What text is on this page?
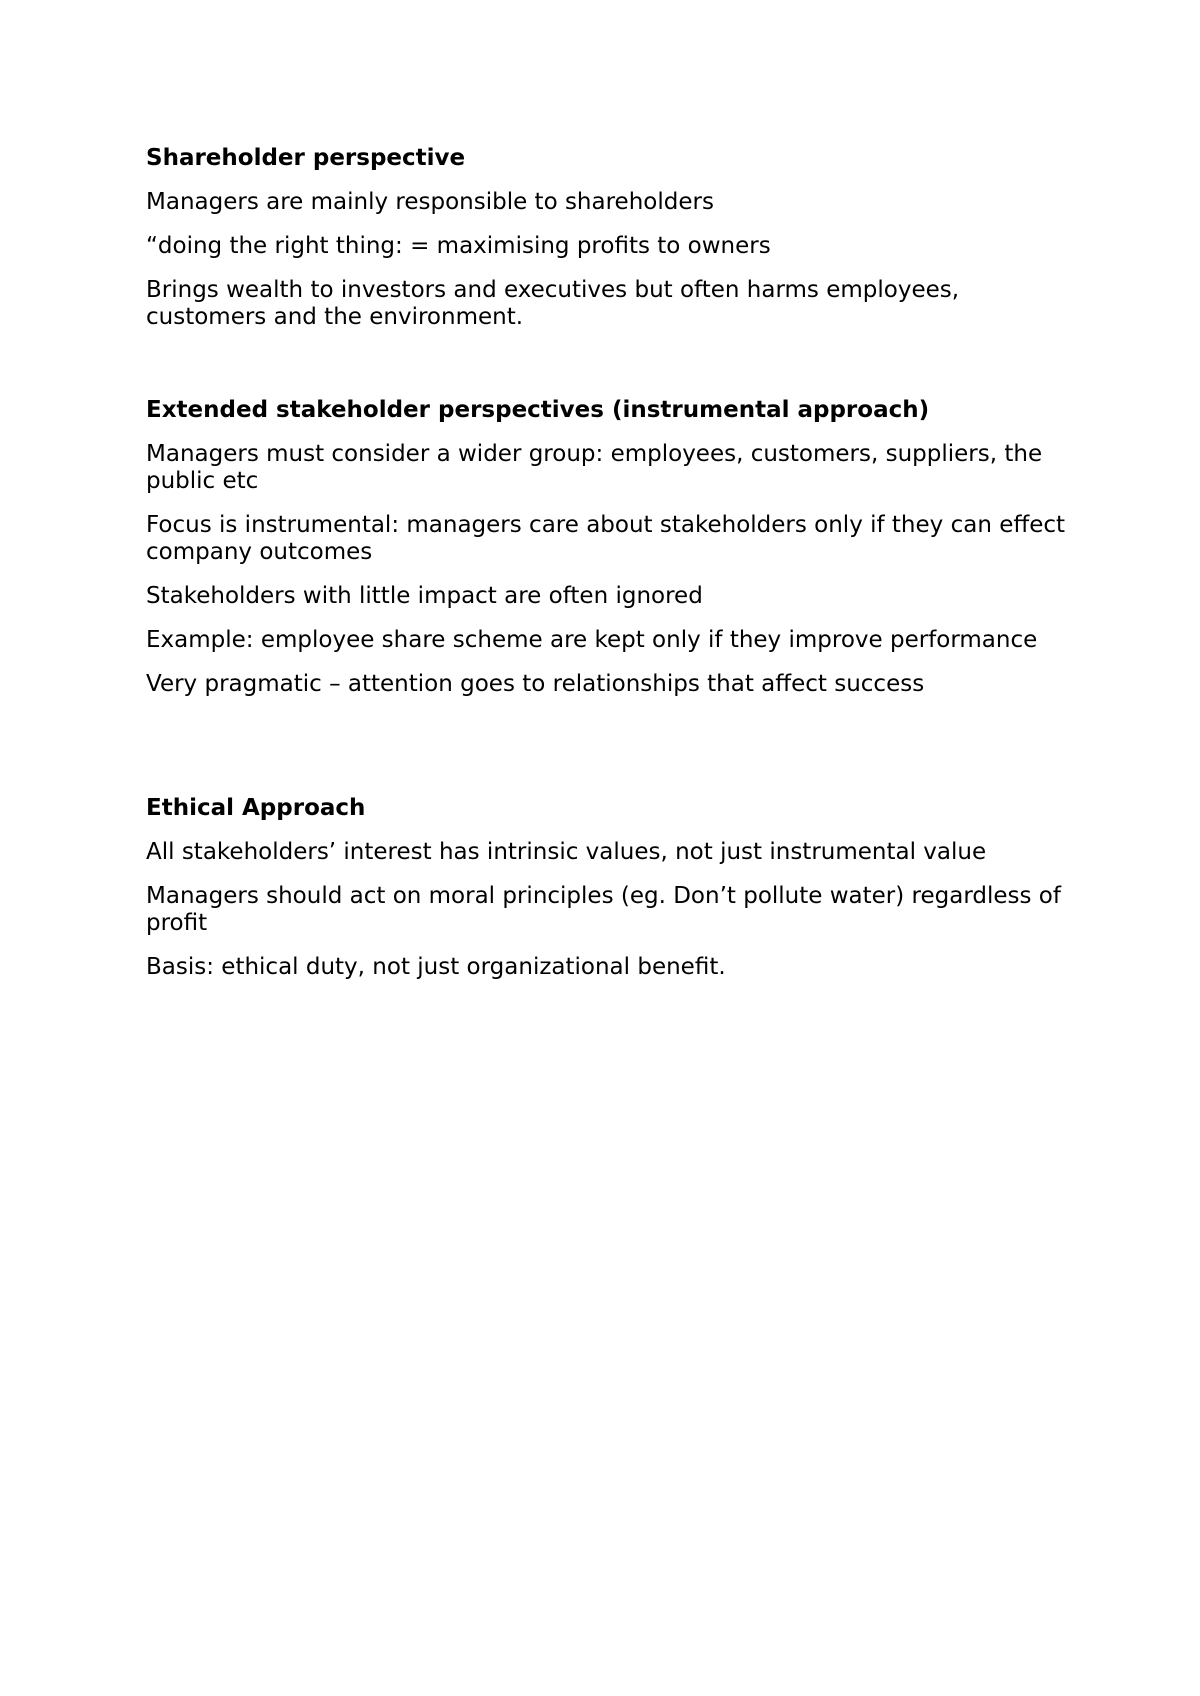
Shareholder perspective
Managers are mainly responsible to shareholders
“doing the right thing: = maximising profits to owners
Brings wealth to investors and executives but often harms employees, customers and the environment.
Extended stakeholder perspectives (instrumental approach)
Managers must consider a wider group: employees, customers, suppliers, the public etc
Focus is instrumental: managers care about stakeholders only if they can effect company outcomes
Stakeholders with little impact are often ignored
Example: employee share scheme are kept only if they improve performance
Very pragmatic – attention goes to relationships that affect success
Ethical Approach
All stakeholders’ interest has intrinsic values, not just instrumental value
Managers should act on moral principles (eg. Don’t pollute water) regardless of profit
Basis: ethical duty, not just organizational benefit.
